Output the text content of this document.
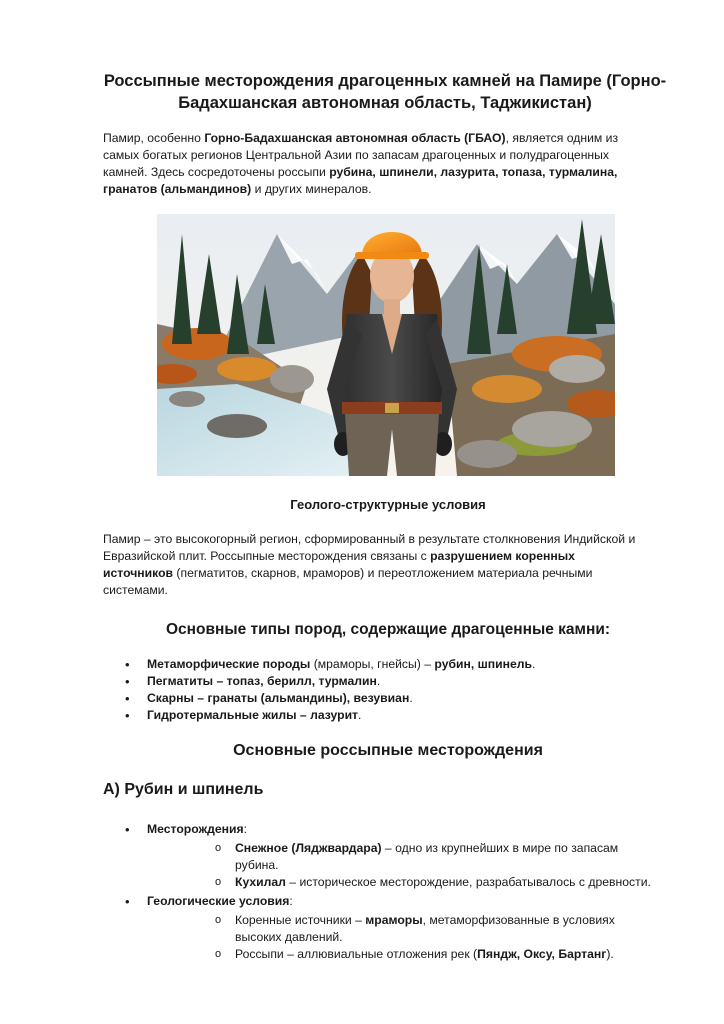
Россыпные месторождения драгоценных камней на Памире (Горно-Бадахшанская автономная область, Таджикистан)

Памир, особенно Горно-Бадахшанская автономная область (ГБАО), является одним из самых богатых регионов Центральной Азии по запасам драгоценных и полудрагоценных камней. Здесь сосредоточены россыпи рубина, шпинели, лазурита, топаза, турмалина, гранатов (альмандинов) и других минералов.

Геолого-структурные условия

Памир – это высокогорный регион, сформированный в результате столкновения Индийской и Евразийской плит. Россыпные месторождения связаны с разрушением коренных источников (пегматитов, скарнов, мраморов) и переотложением материала речными системами.

Основные типы пород, содержащие драгоценные камни:
• Метаморфические породы (мраморы, гнейсы) – рубин, шпинель.
• Пегматиты – топаз, берилл, турмалин.
• Скарны – гранаты (альмандины), везувиан.
• Гидротермальные жилы – лазурит.
Основные россыпные месторождения
А) Рубин и шпинель
• Месторождения:
o Снежное (Ляджвардара) – одно из крупнейших в мире по запасам рубина.
o Кухилал – историческое месторождение, разрабатывалось с древности.
• Геологические условия:
o Коренные источники – мраморы, метаморфизованные в условиях высоких давлений.
o Россыпи – аллювиальные отложения рек (Пяндж, Оксу, Бартанг).
